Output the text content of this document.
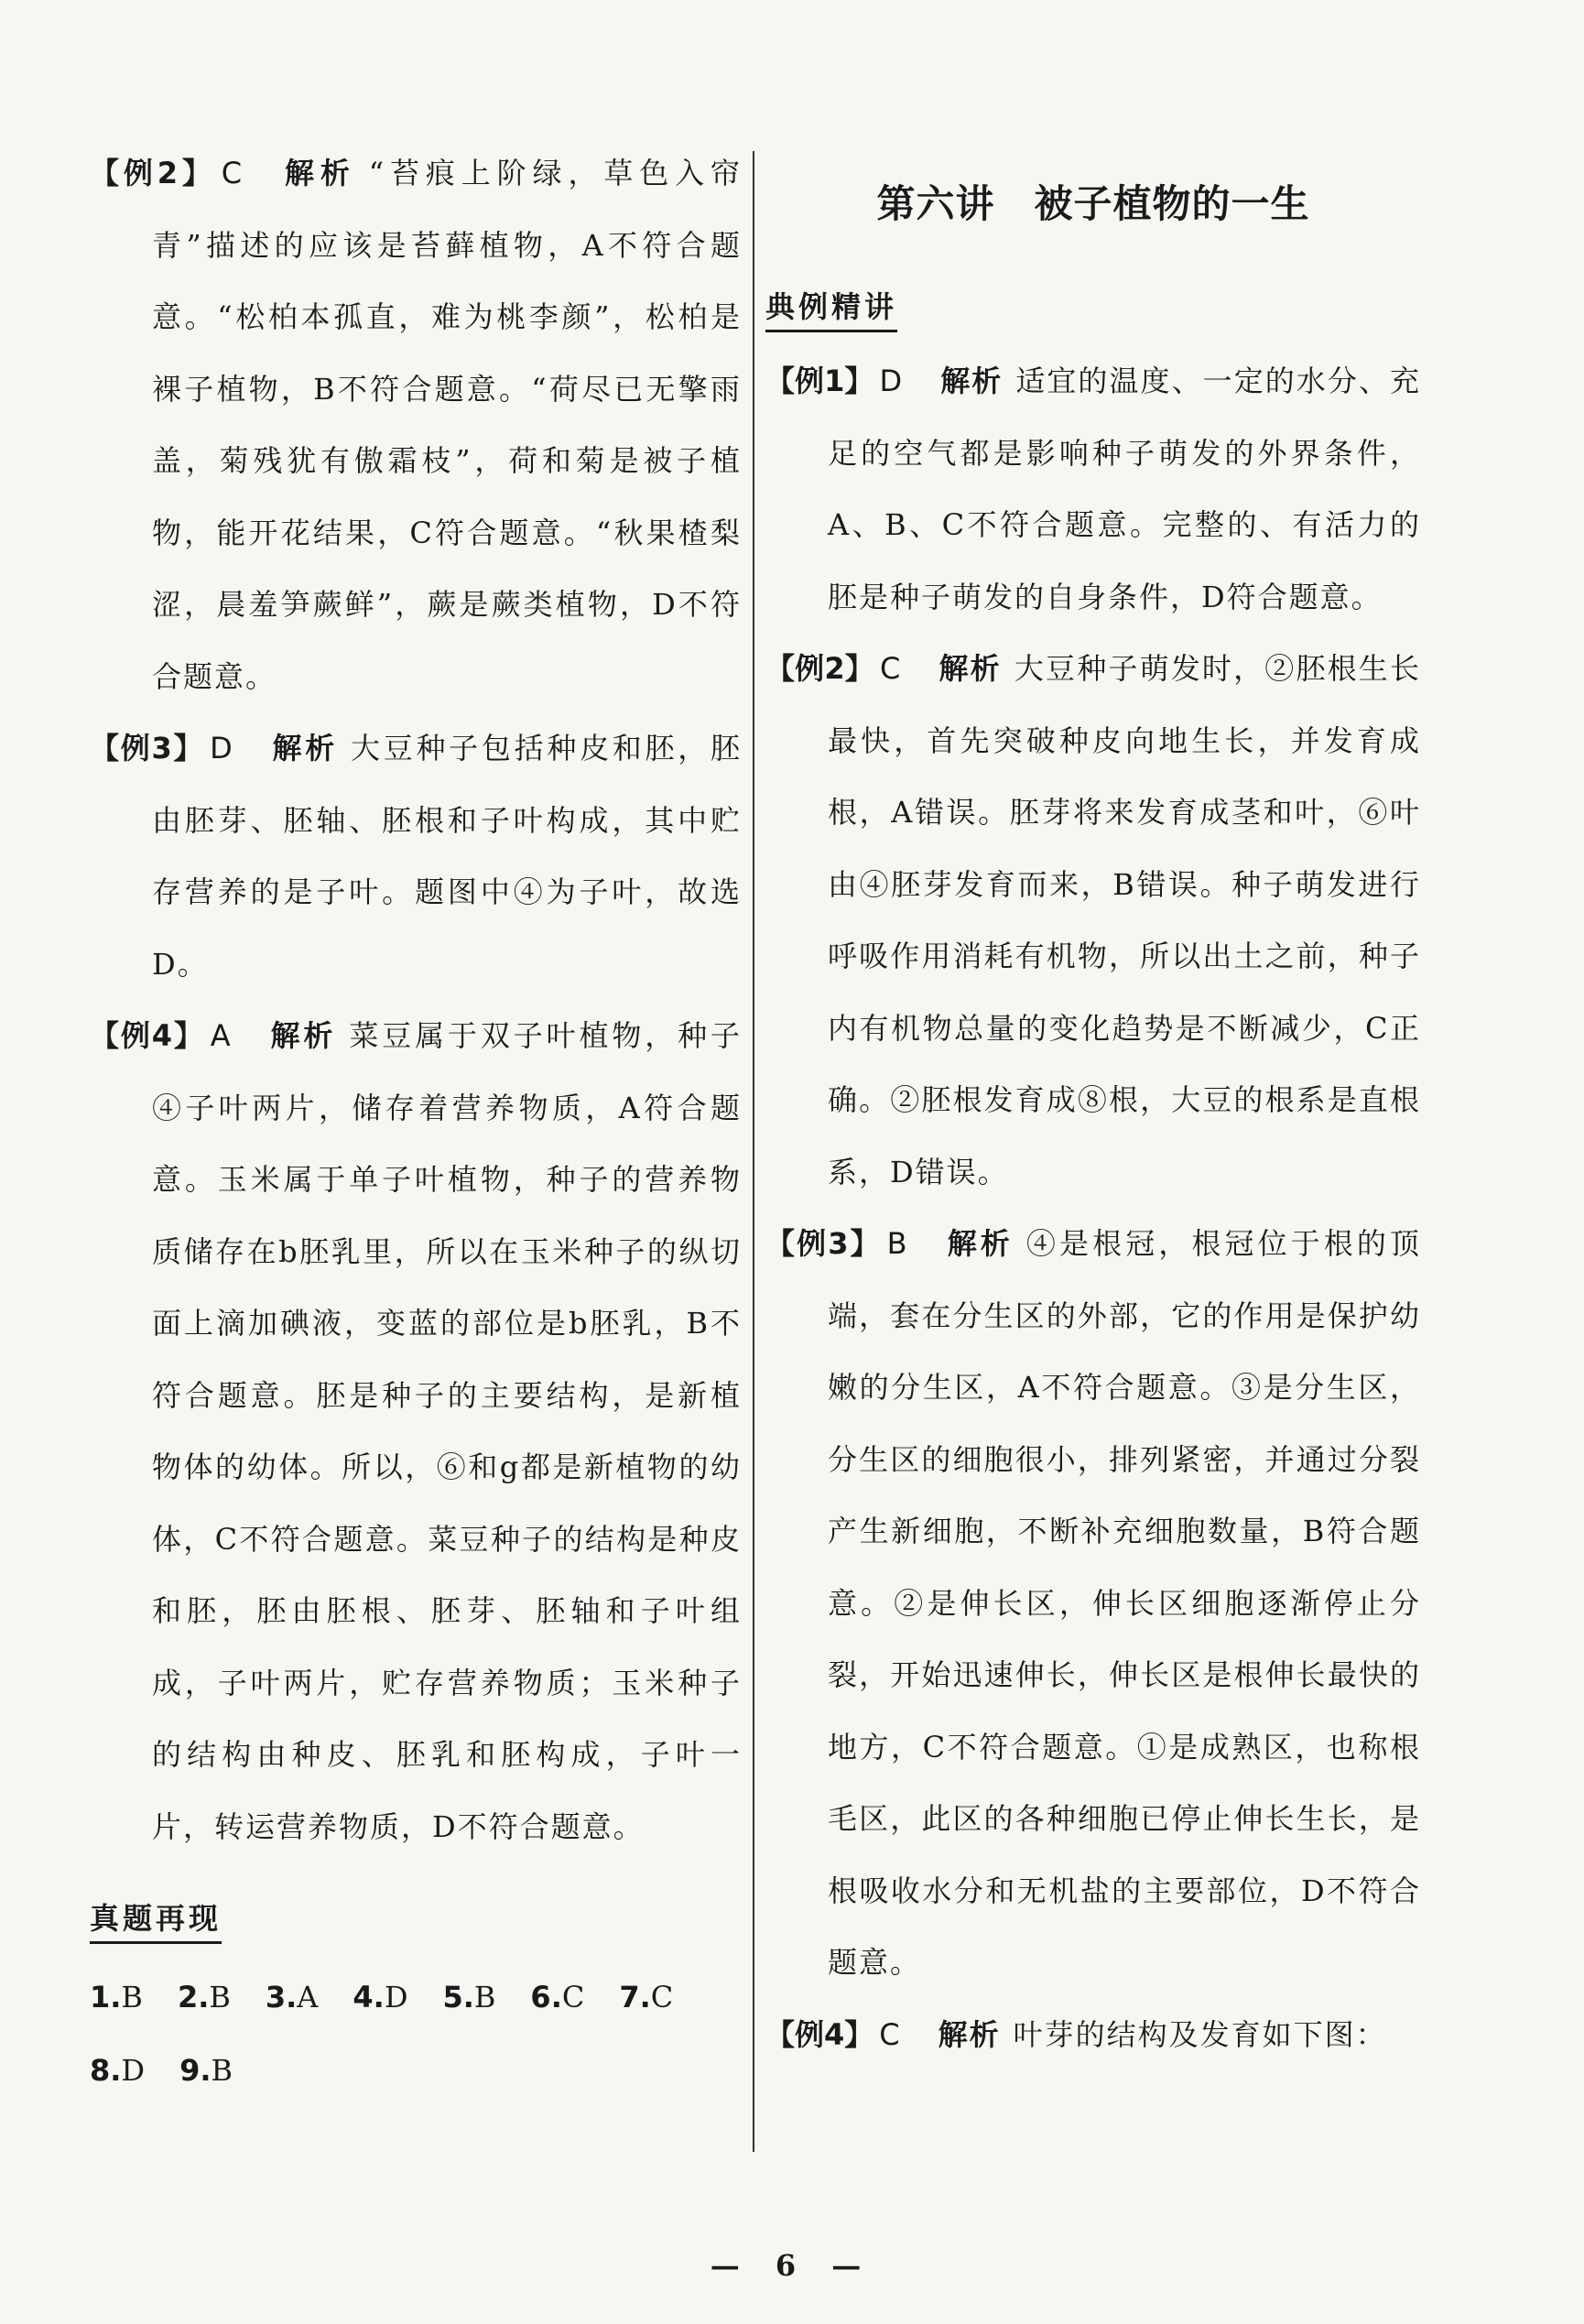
【例2】 C 解析 “苔痕上阶绿，草色入帘青”描述的应该是苔藓植物，A不符合题意。“松柏本孤直，难为桃李颜”，松柏是裸子植物，B不符合题意。“荷尽已无擎雨盖，菊残犹有傲霜枝”，荷和菊是被子植物，能开花结果，C符合题意。“秋果楂梨涩，晨羞笋蕨鲜”，蕨是蕨类植物，D不符合题意。

【例3】 D 解析 大豆种子包括种皮和胚，胚由胚芽、胚轴、胚根和子叶构成，其中贮存营养的是子叶。题图中④为子叶，故选D。

【例4】 A 解析 菜豆属于双子叶植物，种子④子叶两片，储存着营养物质，A符合题意。玉米属于单子叶植物，种子的营养物质储存在b胚乳里，所以在玉米种子的纵切面上滴加碘液，变蓝的部位是b胚乳，B不符合题意。胚是种子的主要结构，是新植物体的幼体。所以，⑥和g都是新植物的幼体，C不符合题意。菜豆种子的结构是种皮和胚，胚由胚根、胚芽、胚轴和子叶组成，子叶两片，贮存营养物质；玉米种子的结构由种皮、胚乳和胚构成，子叶一片，转运营养物质，D不符合题意。

真题再现

1.B 2.B 3.A 4.D 5.B 6.C 7.C

8.D 9.B

第六讲　被子植物的一生
典例精讲

【例1】 D 解析 适宜的温度、一定的水分、充足的空气都是影响种子萌发的外界条件，A、B、C不符合题意。完整的、有活力的胚是种子萌发的自身条件，D符合题意。

【例2】 C 解析 大豆种子萌发时，②胚根生长最快，首先突破种皮向地生长，并发育成根，A错误。胚芽将来发育成茎和叶，⑥叶由④胚芽发育而来，B错误。种子萌发进行呼吸作用消耗有机物，所以出土之前，种子内有机物总量的变化趋势是不断减少，C正确。②胚根发育成⑧根，大豆的根系是直根系，D错误。

【例3】 B 解析 ④是根冠，根冠位于根的顶端，套在分生区的外部，它的作用是保护幼嫩的分生区，A不符合题意。③是分生区，分生区的细胞很小，排列紧密，并通过分裂产生新细胞，不断补充细胞数量，B符合题意。②是伸长区，伸长区细胞逐渐停止分裂，开始迅速伸长，伸长区是根伸长最快的地方，C不符合题意。①是成熟区，也称根毛区，此区的各种细胞已停止伸长生长，是根吸收水分和无机盐的主要部位，D不符合题意。

【例4】 C 解析 叶芽的结构及发育如下图：

— 6 —
